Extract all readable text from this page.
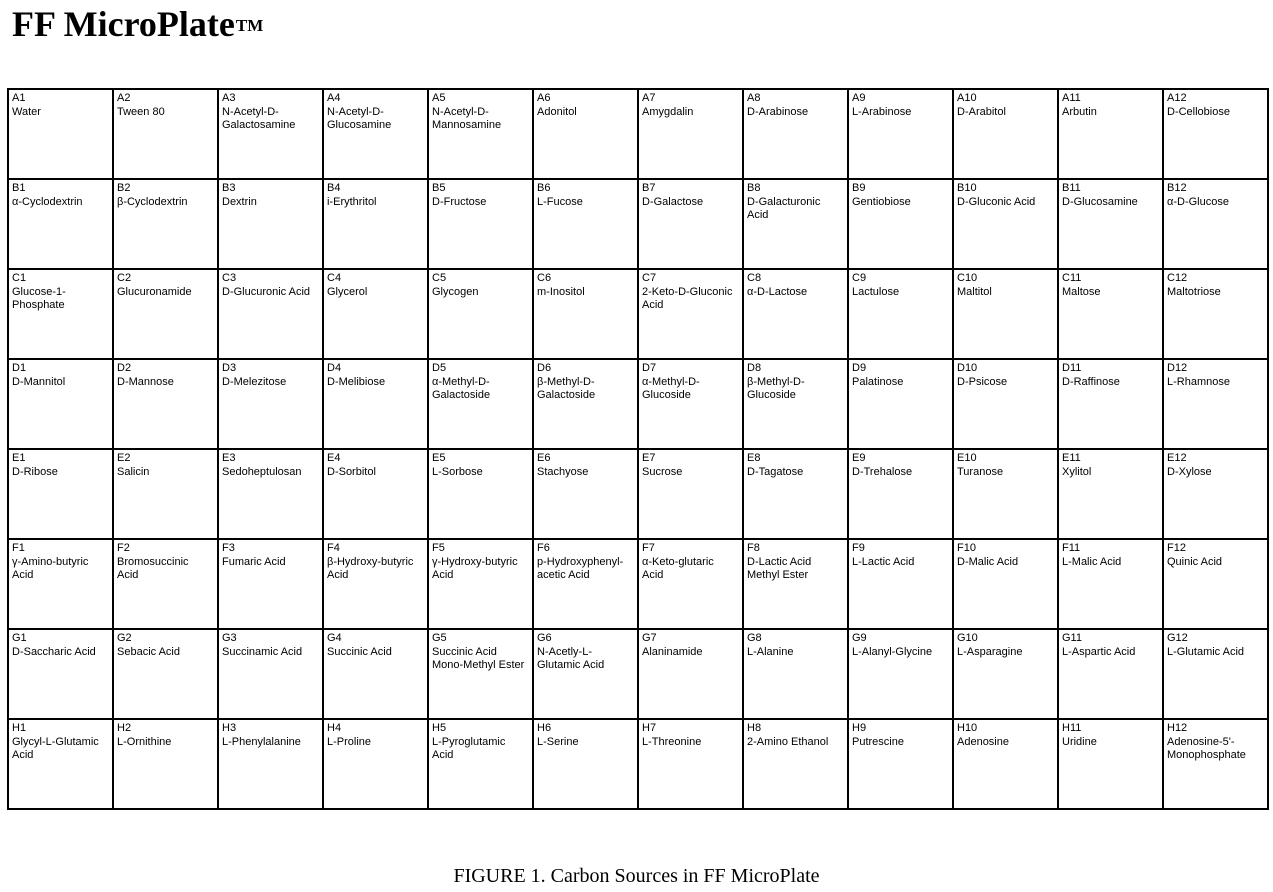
FF MicroPlate™
A1
Water	A2
Tween 80	A3
N-Acetyl-D-
Galactosamine	A4
N-Acetyl-D-
Glucosamine	A5
N-Acetyl-D-
Mannosamine	A6
Adonitol	A7
Amygdalin	A8
D-Arabinose	A9
L-Arabinose	A10
D-Arabitol	A11
Arbutin	A12
D-Cellobiose

B1
α-Cyclodextrin	B2
β-Cyclodextrin	B3
Dextrin	B4
i-Erythritol	B5
D-Fructose	B6
L-Fucose	B7
D-Galactose	B8
D-Galacturonic
Acid	B9
Gentiobiose	B10
D-Gluconic Acid	B11
D-Glucosamine	B12
α-D-Glucose

C1
Glucose-1-
Phosphate	C2
Glucuronamide	C3
D-Glucuronic Acid	C4
Glycerol	C5
Glycogen	C6
m-Inositol	C7
2-Keto-D-Gluconic
Acid	C8
α-D-Lactose	C9
Lactulose	C10
Maltitol	C11
Maltose	C12
Maltotriose

D1
D-Mannitol	D2
D-Mannose	D3
D-Melezitose	D4
D-Melibiose	D5
α-Methyl-D-
Galactoside	D6
β-Methyl-D-
Galactoside	D7
α-Methyl-D-
Glucoside	D8
β-Methyl-D-
Glucoside	D9
Palatinose	D10
D-Psicose	D11
D-Raffinose	D12
L-Rhamnose

E1
D-Ribose	E2
Salicin	E3
Sedoheptulosan	E4
D-Sorbitol	E5
L-Sorbose	E6
Stachyose	E7
Sucrose	E8
D-Tagatose	E9
D-Trehalose	E10
Turanose	E11
Xylitol	E12
D-Xylose

F1
γ-Amino-butyric
Acid	F2
Bromosuccinic
Acid	F3
Fumaric Acid	F4
β-Hydroxy-butyric
Acid	F5
γ-Hydroxy-butyric
Acid	F6
p-Hydroxyphenyl-
acetic Acid	F7
α-Keto-glutaric
Acid	F8
D-Lactic Acid
Methyl Ester	F9
L-Lactic Acid	F10
D-Malic Acid	F11
L-Malic Acid	F12
Quinic Acid

G1
D-Saccharic Acid	G2
Sebacic Acid	G3
Succinamic Acid	G4
Succinic Acid	G5
Succinic Acid
Mono-Methyl Ester	G6
N-Acetly-L-
Glutamic Acid	G7
Alaninamide	G8
L-Alanine	G9
L-Alanyl-Glycine	G10
L-Asparagine	G11
L-Aspartic Acid	G12
L-Glutamic Acid

H1
Glycyl-L-Glutamic
Acid	H2
L-Ornithine	H3
L-Phenylalanine	H4
L-Proline	H5
L-Pyroglutamic
Acid	H6
L-Serine	H7
L-Threonine	H8
2-Amino Ethanol	H9
Putrescine	H10
Adenosine	H11
Uridine	H12
Adenosine-5'-
Monophosphate
FIGURE 1. Carbon Sources in FF MicroPlate
